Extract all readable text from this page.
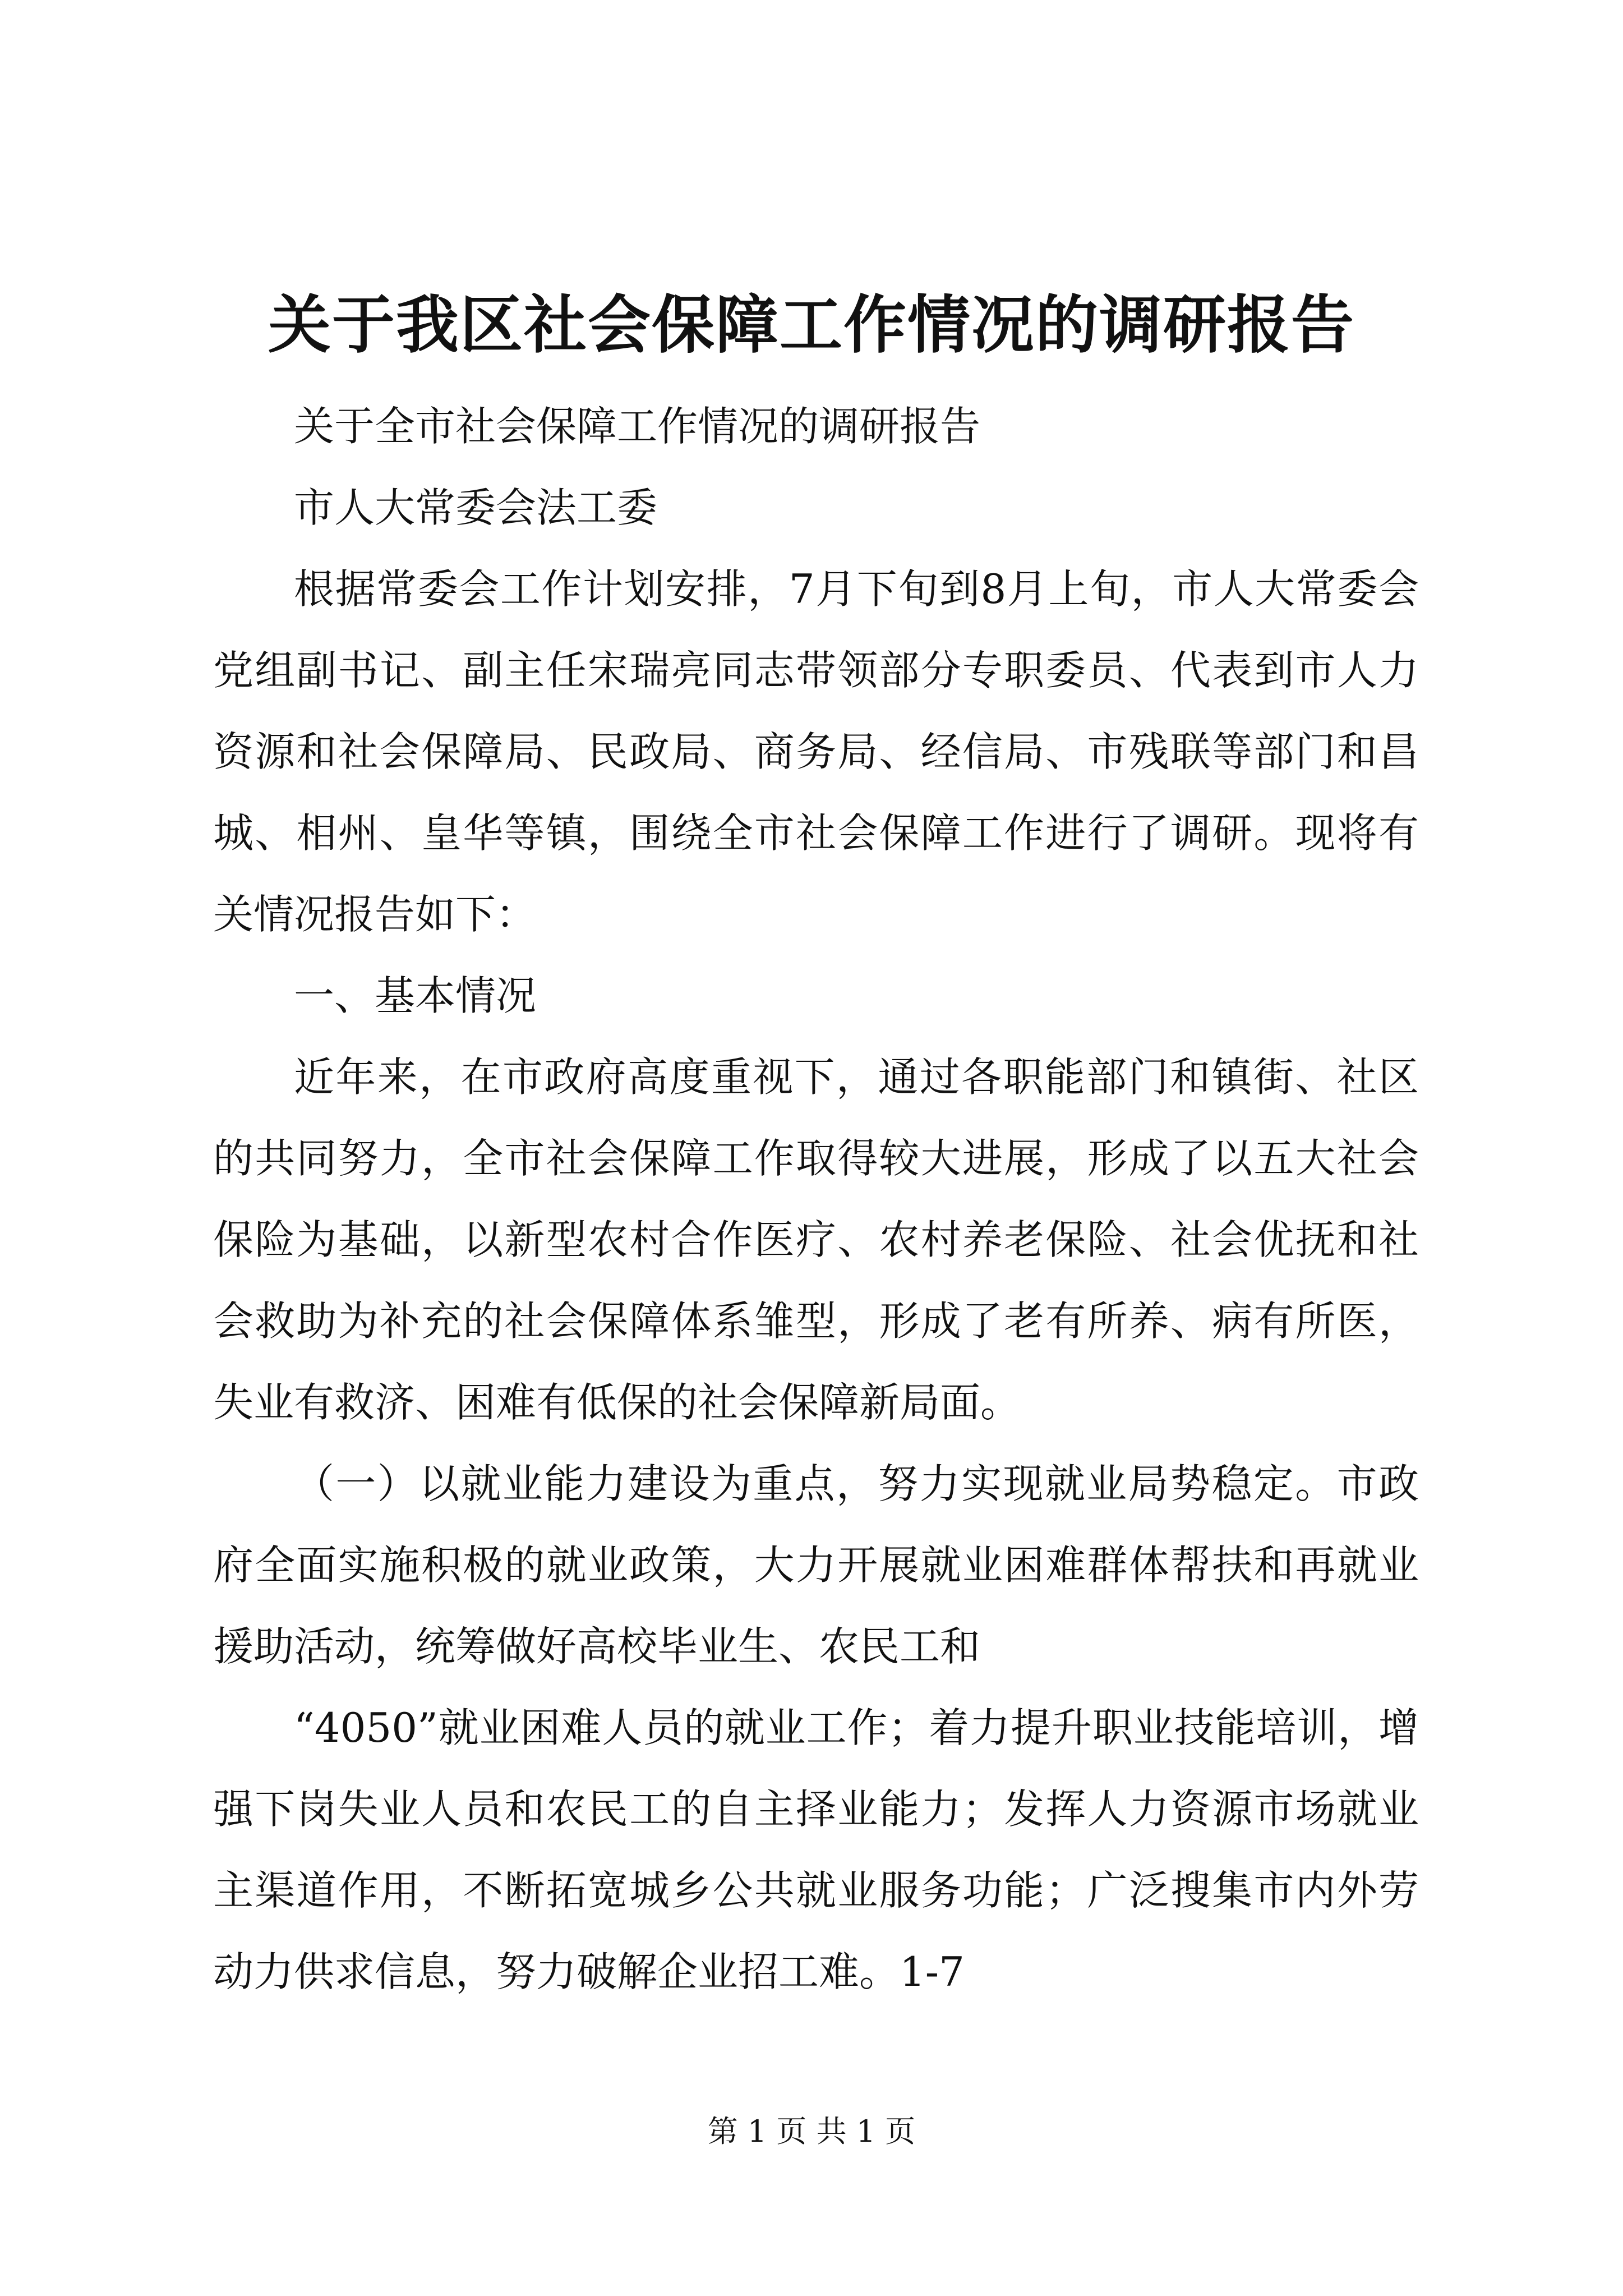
关于我区社会保障工作情况的调研报告

关于全市社会保障工作情况的调研报告

市人大常委会法工委

根据常委会工作计划安排，7月下旬到8月上旬，市人大常委会党组副书记、副主任宋瑞亮同志带领部分专职委员、代表到市人力资源和社会保障局、民政局、商务局、经信局、市残联等部门和昌城、相州、皇华等镇，围绕全市社会保障工作进行了调研。现将有关情况报告如下：

一、基本情况

近年来，在市政府高度重视下，通过各职能部门和镇街、社区的共同努力，全市社会保障工作取得较大进展，形成了以五大社会保险为基础，以新型农村合作医疗、农村养老保险、社会优抚和社会救助为补充的社会保障体系雏型，形成了老有所养、病有所医，失业有救济、困难有低保的社会保障新局面。

（一）以就业能力建设为重点，努力实现就业局势稳定。市政府全面实施积极的就业政策，大力开展就业困难群体帮扶和再就业援助活动，统筹做好高校毕业生、农民工和

“4050”就业困难人员的就业工作；着力提升职业技能培训，增强下岗失业人员和农民工的自主择业能力；发挥人力资源市场就业主渠道作用，不断拓宽城乡公共就业服务功能；广泛搜集市内外劳动力供求信息，努力破解企业招工难。1-7

第 1 页 共 1 页
